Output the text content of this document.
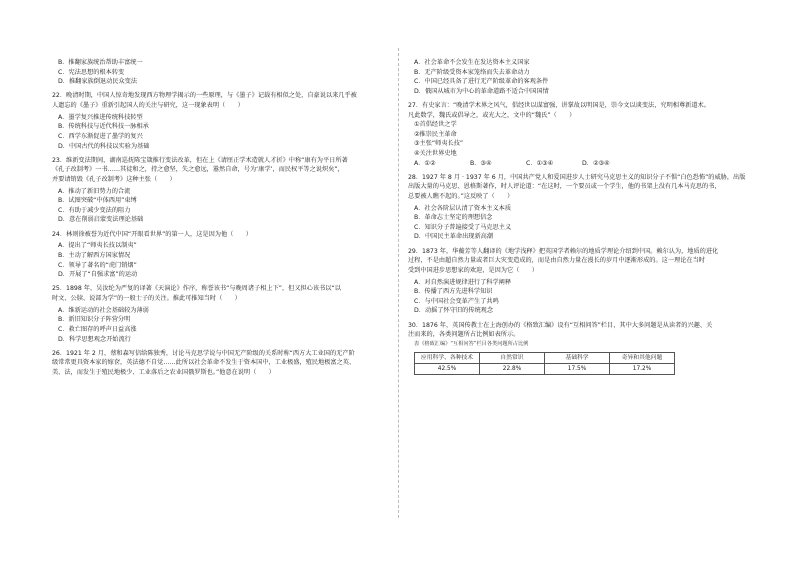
B．推翻家族统治帮助丰富统一
C．宪法思想的根本转变
D．推翻家族倒退动民众变法
22．晚清时期，中国人惊奇地发现西方物理学揭示的一些原理，与《墨子》记载有相似之处，自豪说以来几乎被
人遗忘的《墨子》重新引起国人的关注与研究，这一现象表明（　　）
A．墨学复兴推进传统科技转型
B．传统科技与近代科技一脉相承
C．西学东渐促进了墨学的复兴
D．中国古代的科技以实验为基础
23．维新变法期间，湖南巡抚陈宝箴推行变法改革，但在上《请厘正学术造就人才折》中称“康有为平日所著
《孔子改制考》一书……其徒和之，持之愈坚，失之愈远，嚣然自命，号为‘康学’，而民权平等之说炽矣”，
并要请销毁《孔子改制考》这种主张（　　）
A．推动了新旧势力的合流
B．试图突破“中体西用”束缚
C．有助于减少变法的阻力
D．意在削弱启蒙变法理论基础
24．林则徐被誉为近代中国“开眼看世界”的第一人，这是因为他（　　）
A．提出了“师夷长技以制夷”
B．主动了解西方国家情况
C．领导了著名的“虎门销烟”
D．开展了“自强求富”的运动
25．1898 年，吴汝纶为严复的译著《天演论》作序，称誉该书“与晚周诸子相上下”，但又担心该书以“以
时文、公牍、说部为学”的一般士子的关注。推此可推知当时（　　）
A．维新运动的社会基础较为薄弱
B．新旧知识分子阵营分明
C．救亡图存的呼声日益高涨
D．科学思想观念开始流行
26．1921 年 2 月，蔡和森写信给陈独秀，讨论马克思学说与中国无产阶级的关系时称“西方大工业国的无产阶
级常常更具资本家的嫁奁，英法德不自觉……此所以社会革命不发生于资本国中，工业极盛，殖民地极富之英、
美、法，而发生于殖民地极少、工业落后之农业国俄罗斯也。”他意在说明（　　）
A．社会革命不会发生在发达资本主义国家
B．无产阶级受资本家笼络而失去革命动力
C．中国已经具备了进行无产阶级革命的客观条件
D．俄国从城市为中心的革命道路不适合中国国情
27．有史家言：“晚清学术界之风气，倡经世以谋富强，讲掌故以明国是，崇今文以谈变法，究明相尊新道术。
凡此数学，魏氏或倡导之，或光大之，文中的“魏氏”（　　）
①首倡经世之学
②推崇民主革命
③主张“师夷长技”
④关注世界史地
A．①②	B．③④	C．①③④	D．②③④
28．1927 年 8 月 · 1937 年 6 月，中国共产党人和爱国进步人士研究马克思主义的知识分子不惧“白色恐怖”的威胁，出版
出版大量的马克思、恩格斯著作，时人评论道：“在这时，一个要员或一个学生，他的书架上没有几本马克思的书，
总要被人瞧不起的。”这反映了（　　）
A．社会各阶层认清了资本主义本质
B．革命志士坚定的理想信念
C．知识分子普遍接受了马克思主义
D．中国民主革命出现新高潮
29．1873 年，华蘅芳等人翻译的《地学浅释》把英国学者赖尔的地质学理论介绍到中国。赖尔认为，地质的进化
过程，不是由超自然力量或者巨大灾变造成的，而是由自然力量在漫长的岁月中逐渐形成的。这一理论在当时
受到中国进步思想家的欢迎，是因为它（　　）
A．对自然演进规律进行了科学阐释
B．传播了西方先进科学知识
C．与中国社会变革产生了共鸣
D．动摇了怀守旧的传统观念
30．1876 年，英国传教士在上海创办的《格致汇编》设有“互相问答”栏目，其中大多问题是从读者的兴趣、关
注而来的，各类问题所占比例如表所示。
表《格致汇编》“互相问答”栏目各类问题所占比例
应用科学、各种技术	自然常识	基础科学	奇异和其他问题
42.5%	22.8%	17.5%	17.2%
